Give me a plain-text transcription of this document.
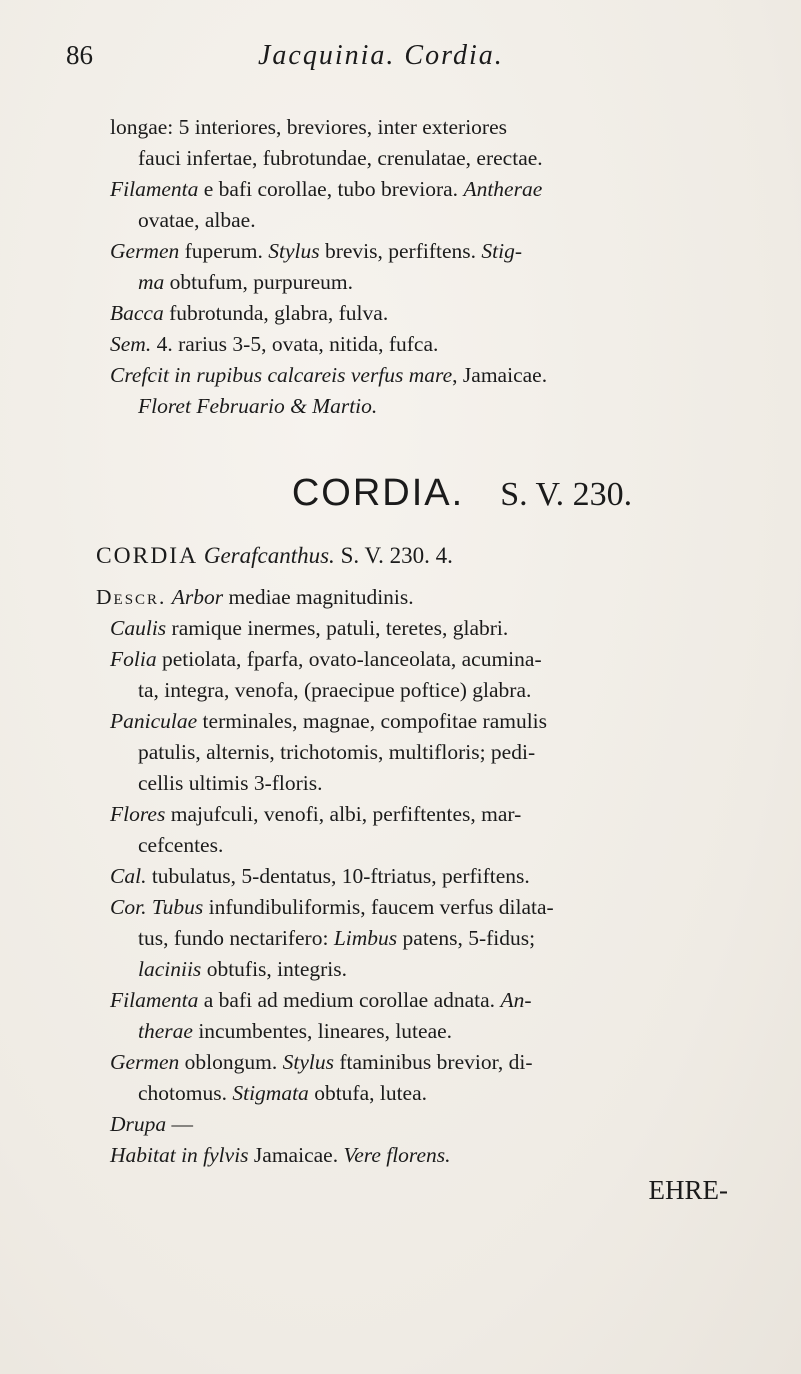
86	Jacquinia. Cordia.
longae: 5 interiores, breviores, inter exteriores
fauci infertae, fubrotundae, crenulatae, erectae.
Filamenta e bafi corollae, tubo breviora. Antherae
ovatae, albae.
Germen fuperum. Stylus brevis, perfiftens. Stig-
ma obtufum, purpureum.
Bacca fubrotunda, glabra, fulva.
Sem. 4. rarius 3-5, ovata, nitida, fufca.
Crefcit in rupibus calcareis verfus mare, Jamaicae.
Floret Februario & Martio.
CORDIA. S. V. 230.
CORDIA Gerafcanthus. S. V. 230. 4.
Descr. Arbor mediae magnitudinis.
Caulis ramique inermes, patuli, teretes, glabri.
Folia petiolata, fparfa, ovato-lanceolata, acumina-
ta, integra, venofa, (praecipue poftice) glabra.
Paniculae terminales, magnae, compofitae ramulis
patulis, alternis, trichotomis, multifloris; pedi-
cellis ultimis 3-floris.
Flores majufculi, venofi, albi, perfiftentes, mar-
cefcentes.
Cal. tubulatus, 5-dentatus, 10-ftriatus, perfiftens.
Cor. Tubus infundibuliformis, faucem verfus dilata-
tus, fundo nectarifero: Limbus patens, 5-fidus;
laciniis obtufis, integris.
Filamenta a bafi ad medium corollae adnata. An-
therae incumbentes, lineares, luteae.
Germen oblongum. Stylus ftaminibus brevior, di-
chotomus. Stigmata obtufa, lutea.
Drupa —
Habitat in fylvis Jamaicae. Vere florens.
EHRE-
